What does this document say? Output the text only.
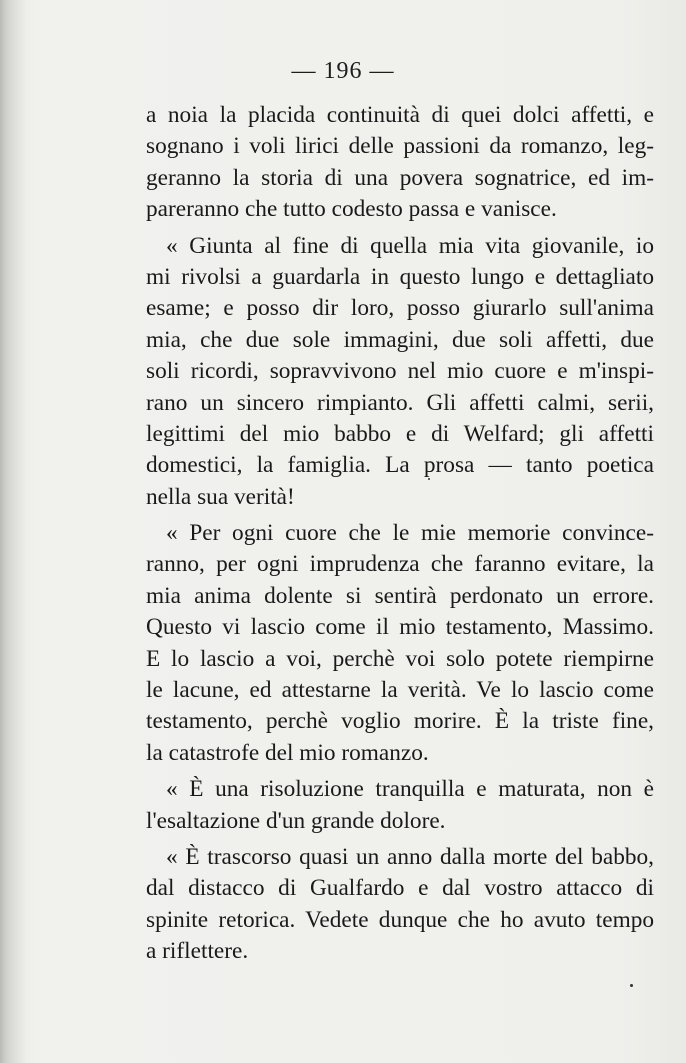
— 196 —
a noia la placida continuità di quei dolci affetti, e
sognano i voli lirici delle passioni da romanzo, leg-
geranno la storia di una povera sognatrice, ed im-
pareranno che tutto codesto passa e vanisce.
« Giunta al fine di quella mia vita giovanile, io
mi rivolsi a guardarla in questo lungo e dettagliato
esame; e posso dir loro, posso giurarlo sull'anima
mia, che due sole immagini, due soli affetti, due
soli ricordi, sopravvivono nel mio cuore e m'inspi-
rano un sincero rimpianto. Gli affetti calmi, serii,
legittimi del mio babbo e di Welfard; gli affetti
domestici, la famiglia. La prosa — tanto poetica
nella sua verità!
« Per ogni cuore che le mie memorie convince-
ranno, per ogni imprudenza che faranno evitare, la
mia anima dolente si sentirà perdonato un errore.
Questo vi lascio come il mio testamento, Massimo.
E lo lascio a voi, perchè voi solo potete riempirne
le lacune, ed attestarne la verità. Ve lo lascio come
testamento, perchè voglio morire. È la triste fine,
la catastrofe del mio romanzo.
« È una risoluzione tranquilla e maturata, non è
l'esaltazione d'un grande dolore.
« È trascorso quasi un anno dalla morte del babbo,
dal distacco di Gualfardo e dal vostro attacco di
spinite retorica. Vedete dunque che ho avuto tempo
a riflettere.
